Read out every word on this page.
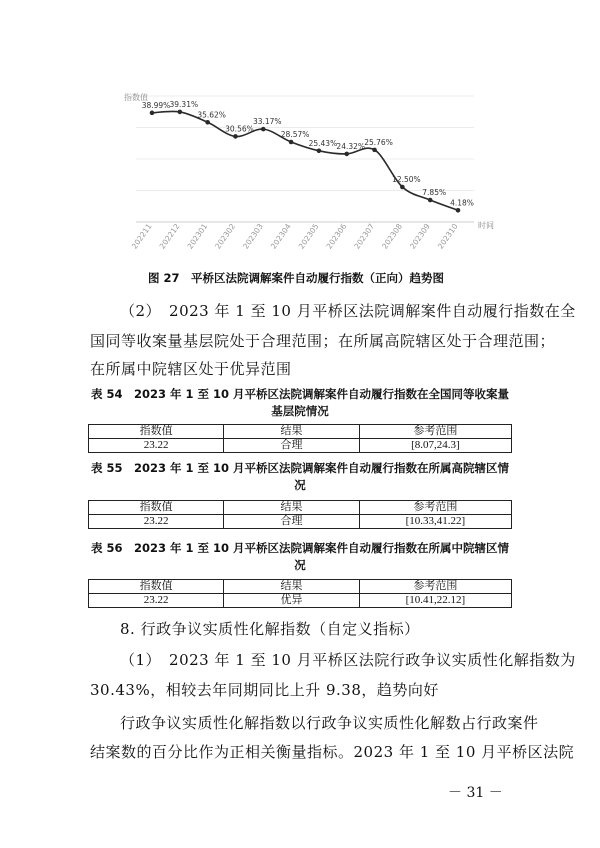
指数值
时间
38.99%
202211
39.31%
202212
35.62%
202301
30.56%
202302
33.17%
202303
28.57%
202304
25.43%
202305
24.32%
202306
25.76%
202307
12.50%
202308
7.85%
202309
4.18%
202310
图 27　平桥区法院调解案件自动履行指数（正向）趋势图
（2）　2023 年 1 至 10 月平桥区法院调解案件自动履行指数在全
国同等收案量基层院处于合理范围；在所属高院辖区处于合理范围；
在所属中院辖区处于优异范围
表 54　2023 年 1 至 10 月平桥区法院调解案件自动履行指数在全国同等收案量
基层院情况
指数值	结果	参考范围
23.22	合理	[8.07,24.3]
表 55　2023 年 1 至 10 月平桥区法院调解案件自动履行指数在所属高院辖区情
况
指数值	结果	参考范围
23.22	合理	[10.33,41.22]
表 56　2023 年 1 至 10 月平桥区法院调解案件自动履行指数在所属中院辖区情
况
指数值	结果	参考范围
23.22	优异	[10.41,22.12]
8. 行政争议实质性化解指数（自定义指标）
（1）　2023 年 1 至 10 月平桥区法院行政争议实质性化解指数为
30.43%，相较去年同期同比上升 9.38，趋势向好
行政争议实质性化解指数以行政争议实质性化解数占行政案件
结案数的百分比作为正相关衡量指标。2023 年 1 至 10 月平桥区法院
－ 31 －
